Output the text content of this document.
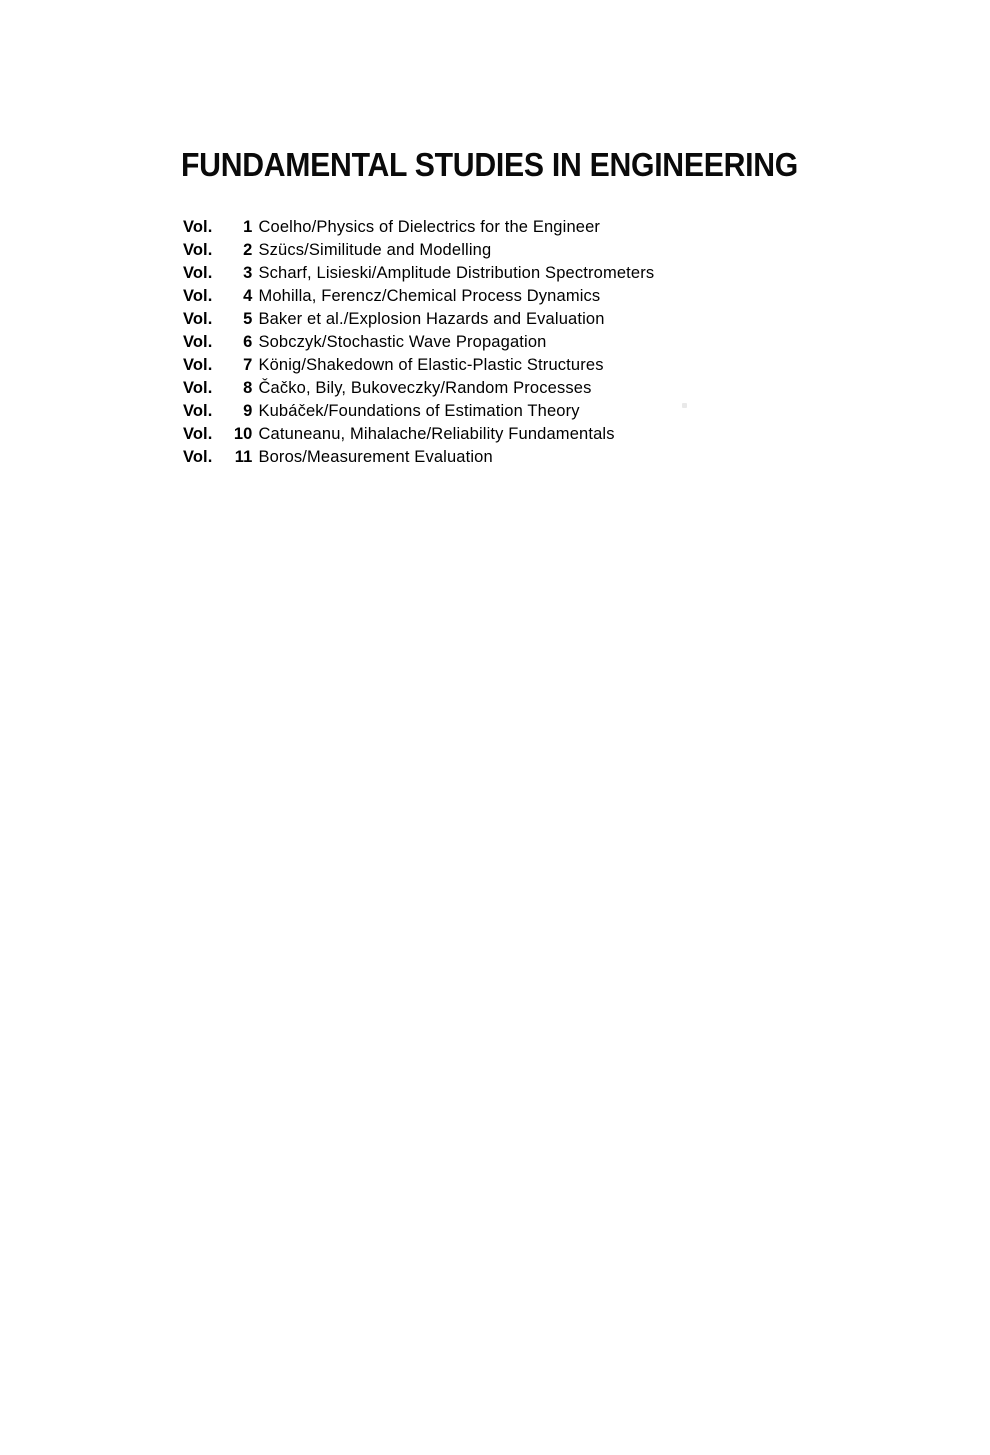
FUNDAMENTAL STUDIES IN ENGINEERING
Vol.	1 Coelho/Physics of Dielectrics for the Engineer
Vol.	2 Szücs/Similitude and Modelling
Vol.	3 Scharf, Lisieski/Amplitude Distribution Spectrometers
Vol.	4 Mohilla, Ferencz/Chemical Process Dynamics
Vol.	5 Baker et al./Explosion Hazards and Evaluation
Vol.	6 Sobczyk/Stochastic Wave Propagation
Vol.	7 König/Shakedown of Elastic-Plastic Structures
Vol.	8 Čačko, Bily, Bukoveczky/Random Processes
Vol.	9 Kubáček/Foundations of Estimation Theory
Vol.	10 Catuneanu, Mihalache/Reliability Fundamentals
Vol.	11 Boros/Measurement Evaluation
